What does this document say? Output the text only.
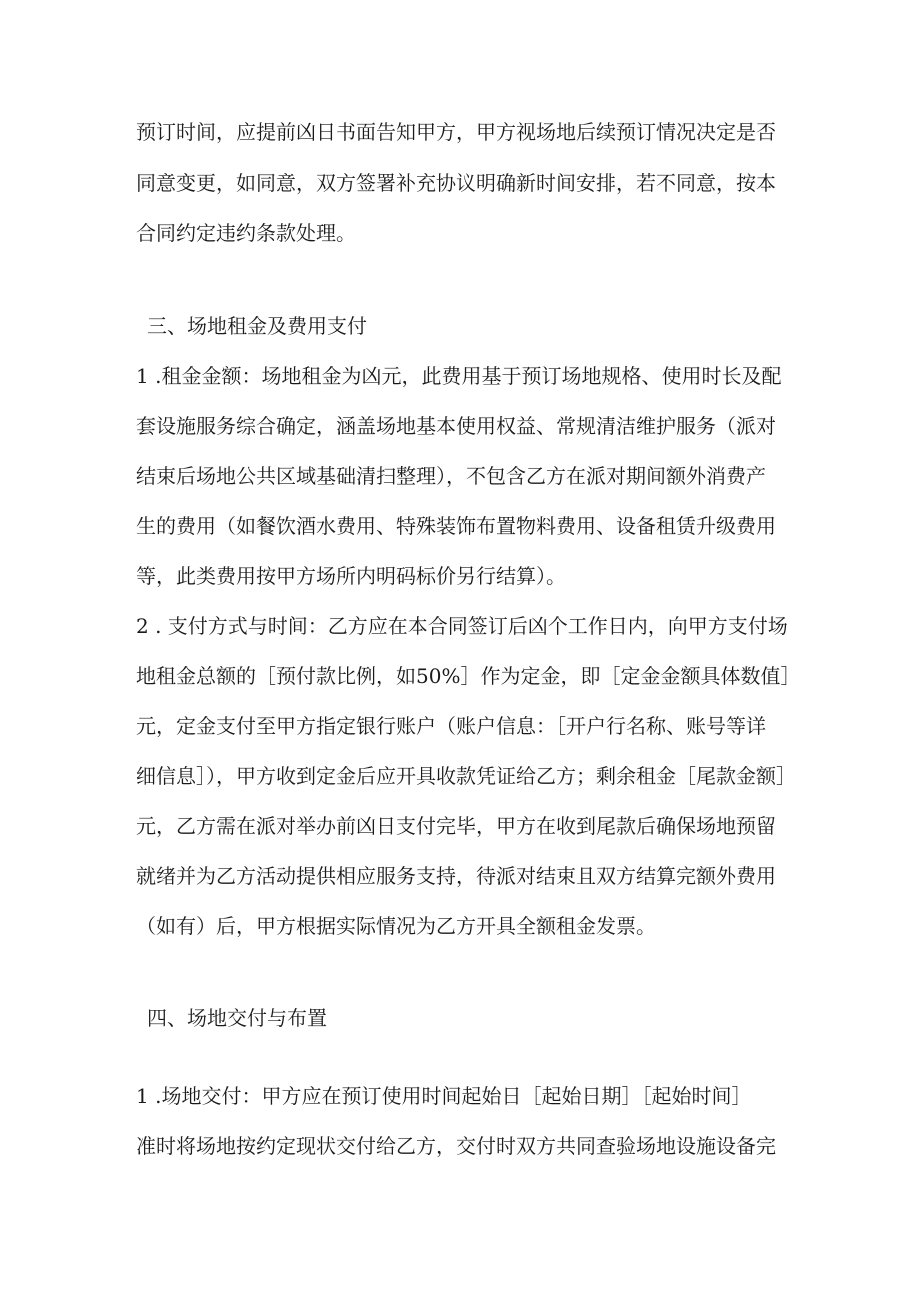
预订时间，应提前凶日书面告知甲方，甲方视场地后续预订情况决定是否
同意变更，如同意，双方签署补充协议明确新时间安排，若不同意，按本
合同约定违约条款处理。
三、场地租金及费用支付
1 .租金金额：场地租金为凶元，此费用基于预订场地规格、使用时长及配
套设施服务综合确定，涵盖场地基本使用权益、常规清洁维护服务（派对
结束后场地公共区域基础清扫整理），不包含乙方在派对期间额外消费产
生的费用（如餐饮酒水费用、特殊装饰布置物料费用、设备租赁升级费用
等，此类费用按甲方场所内明码标价另行结算）。
2 . 支付方式与时间：乙方应在本合同签订后凶个工作日内，向甲方支付场
地租金总额的［预付款比例，如50%］作为定金，即［定金金额具体数值］
元，定金支付至甲方指定银行账户（账户信息：［开户行名称、账号等详
细信息］），甲方收到定金后应开具收款凭证给乙方；剩余租金［尾款金额］
元，乙方需在派对举办前凶日支付完毕，甲方在收到尾款后确保场地预留
就绪并为乙方活动提供相应服务支持，待派对结束且双方结算完额外费用
（如有）后，甲方根据实际情况为乙方开具全额租金发票。
四、场地交付与布置
1 .场地交付：甲方应在预订使用时间起始日［起始日期］［起始时间］
准时将场地按约定现状交付给乙方，交付时双方共同查验场地设施设备完
